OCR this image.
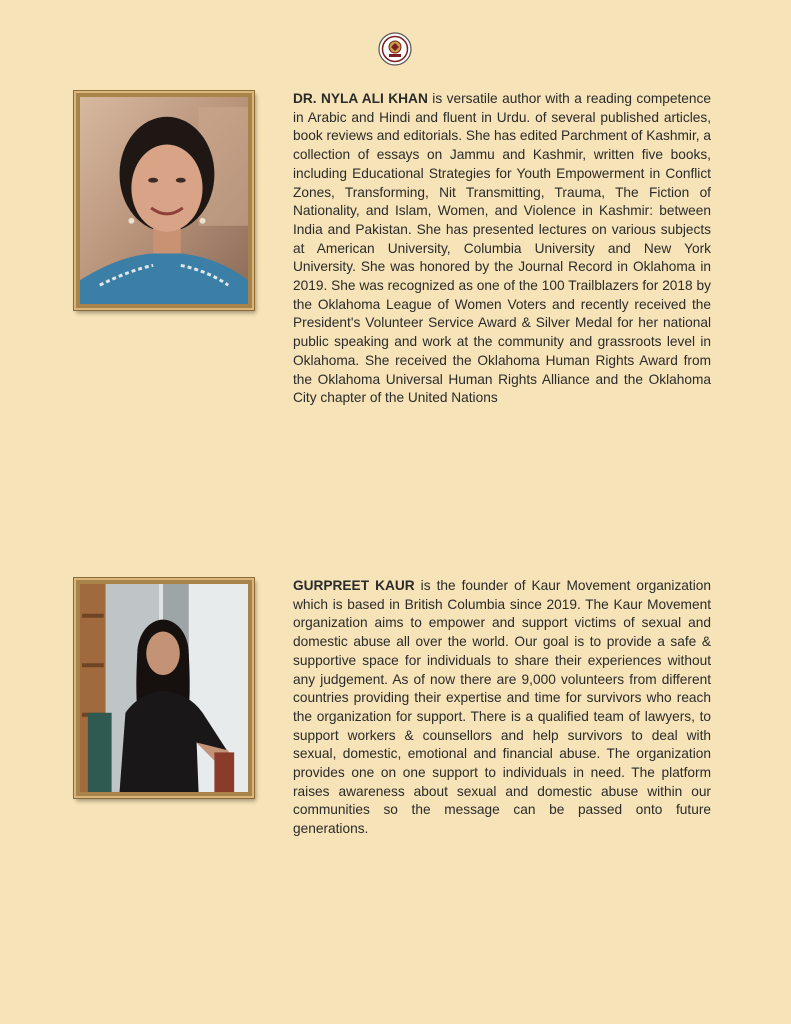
DR. NYLA ALI KHAN is versatile author with a reading competence in Arabic and Hindi and fluent in Urdu. of several published articles, book reviews and editorials. She has edited Parchment of Kashmir, a collection of essays on Jammu and Kashmir, written five books, including Educational Strategies for Youth Empowerment in Conflict Zones, Transforming, Nit Transmitting, Trauma, The Fiction of Nationality, and Islam, Women, and Violence in Kashmir: between India and Pakistan. She has presented lectures on various subjects at American University, Columbia University and New York University. She was honored by the Journal Record in Oklahoma in 2019. She was recognized as one of the 100 Trailblazers for 2018 by the Oklahoma League of Women Voters and recently received the President's Volunteer Service Award & Silver Medal for her national public speaking and work at the community and grassroots level in Oklahoma. She received the Oklahoma Human Rights Award from the Oklahoma Universal Human Rights Alliance and the Oklahoma City chapter of the United Nations

GURPREET KAUR is the founder of Kaur Movement organization which is based in British Columbia since 2019. The Kaur Movement organization aims to empower and support victims of sexual and domestic abuse all over the world. Our goal is to provide a safe & supportive space for individuals to share their experiences without any judgement. As of now there are 9,000 volunteers from different countries providing their expertise and time for survivors who reach the organization for support. There is a qualified team of lawyers, to support workers & counsellors and help survivors to deal with sexual, domestic, emotional and financial abuse. The organization provides one on one support to individuals in need. The platform raises awareness about sexual and domestic abuse within our communities so the message can be passed onto future generations.
